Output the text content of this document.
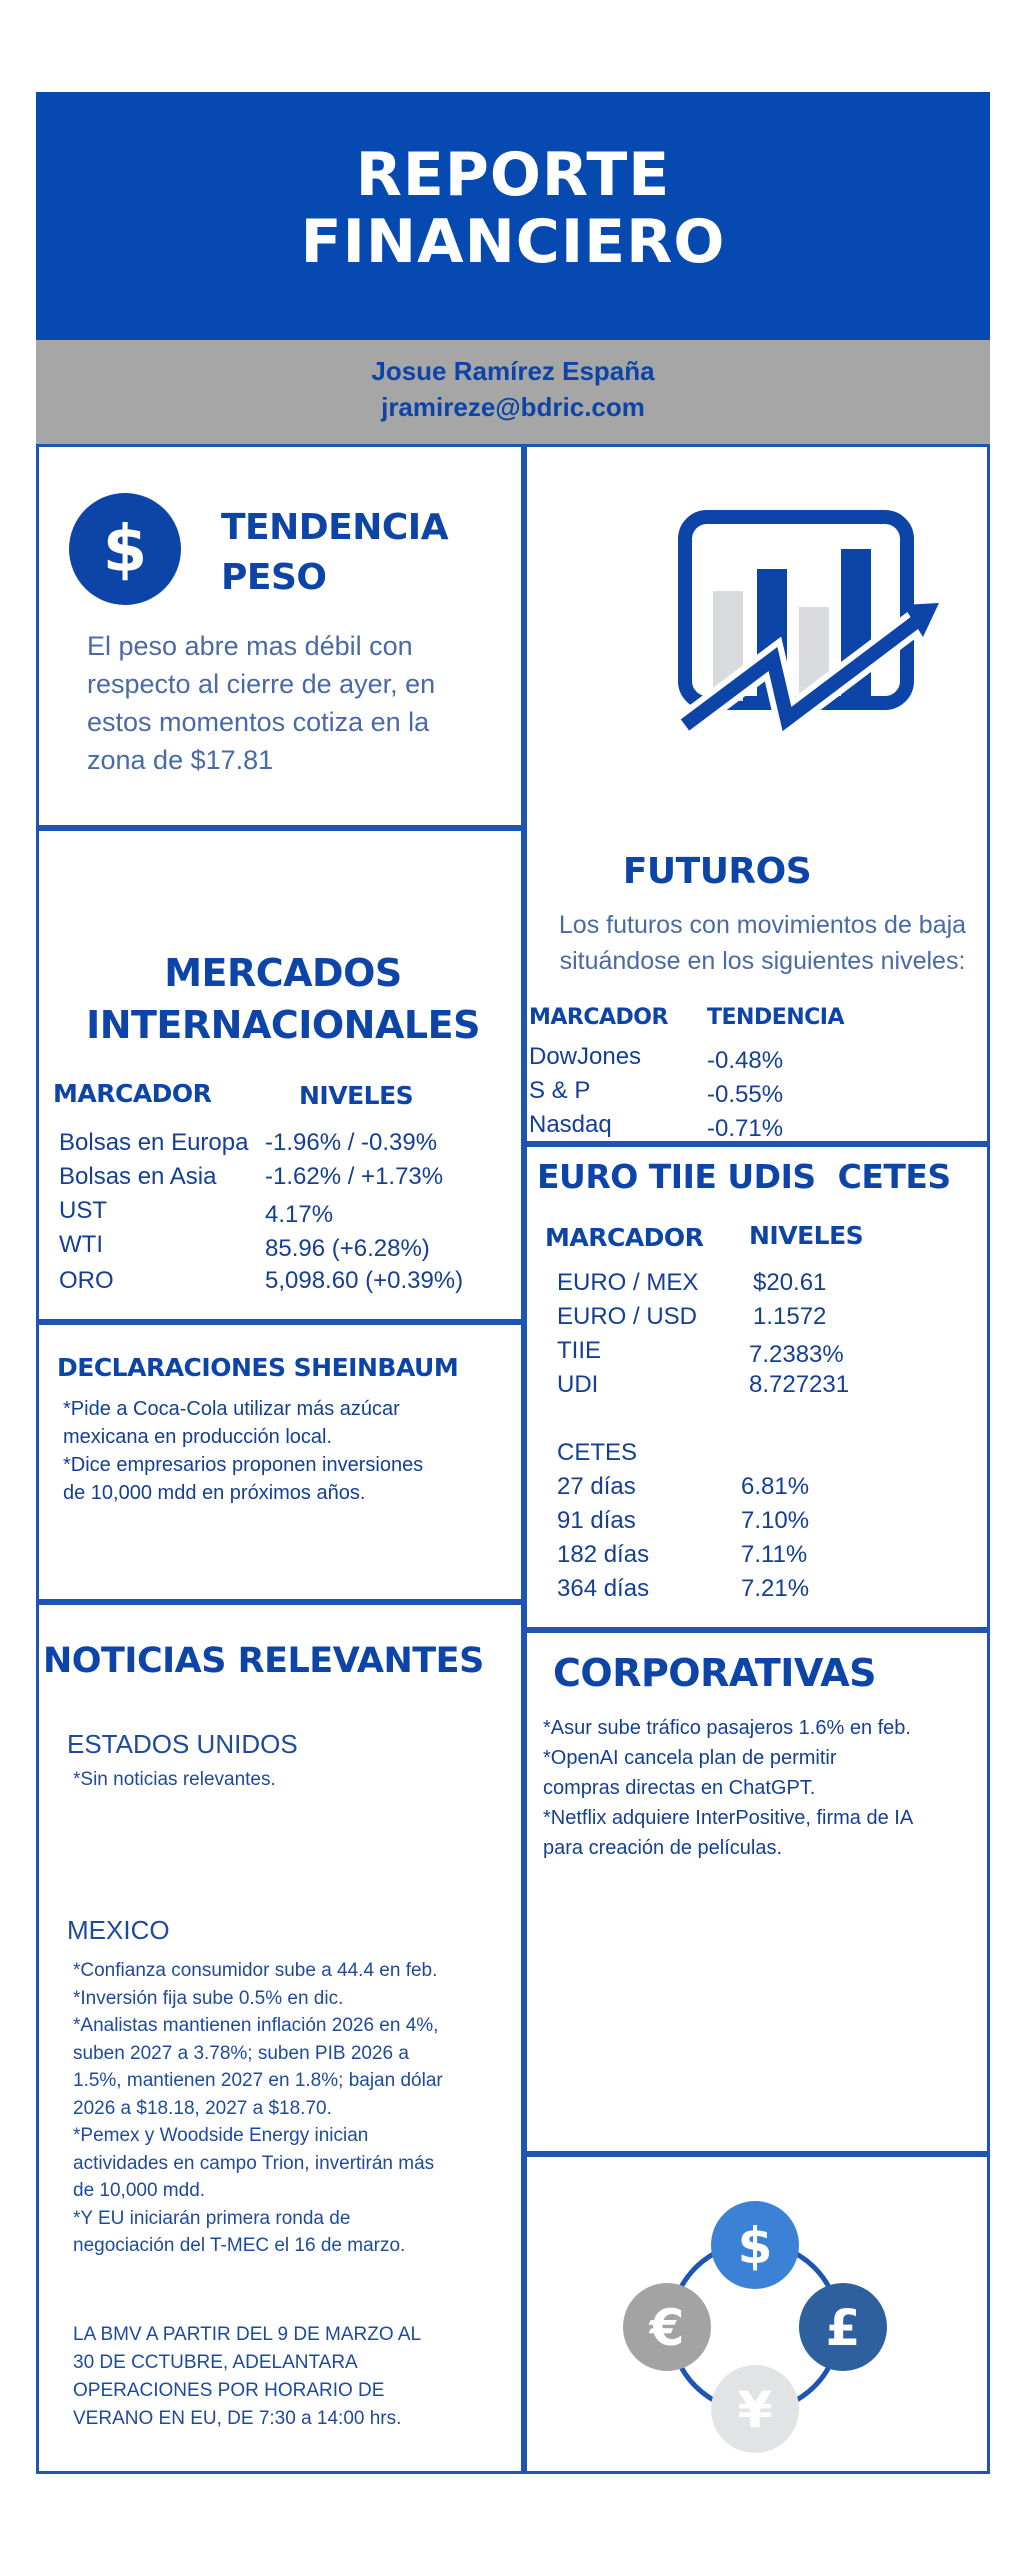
REPORTE
FINANCIERO
Josue Ramírez España
jramireze@bdric.com
$ TENDENCIA
PESO
El peso abre mas débil con
respecto al cierre de ayer, en
estos momentos cotiza en la
zona de $17.81
FUTUROS
Los futuros con movimientos de baja
situándose en los siguientes niveles:
MARCADOR TENDENCIA
DowJones	-0.48%
S & P	-0.55%
Nasdaq	-0.71%
MERCADOS
INTERNACIONALES
MARCADOR	NIVELES
Bolsas en Europa -1.96% / -0.39%
Bolsas en Asia -1.62% / +1.73%
UST	4.17%
WTI	85.96 (+6.28%)
ORO	5,098.60 (+0.39%)
EURO TIIE UDIS  CETES
MARCADOR NIVELES
EURO / MEX $20.61
EURO / USD 1.1572
TIIE	7.2383%
UDI	8.727231
CETES
27 días	6.81%
91 días	7.10%
182 días	7.11%
364 días	7.21%
DECLARACIONES SHEINBAUM
*Pide a Coca-Cola utilizar más azúcar
mexicana en producción local.
*Dice empresarios proponen inversiones
de 10,000 mdd en próximos años.
NOTICIAS RELEVANTES
ESTADOS UNIDOS
*Sin noticias relevantes.
MEXICO
*Confianza consumidor sube a 44.4 en feb.
*Inversión fija sube 0.5% en dic.
*Analistas mantienen inflación 2026 en 4%,
suben 2027 a 3.78%; suben PIB 2026 a
1.5%, mantienen 2027 en 1.8%; bajan dólar
2026 a $18.18, 2027 a $18.70.
*Pemex y Woodside Energy inician
actividades en campo Trion, invertirán más
de 10,000 mdd.
*Y EU iniciarán primera ronda de
negociación del T-MEC el 16 de marzo.
LA BMV A PARTIR DEL 9 DE MARZO AL
30 DE CCTUBRE, ADELANTARA
OPERACIONES POR HORARIO DE
VERANO EN EU, DE 7:30 a 14:00 hrs.
CORPORATIVAS
*Asur sube tráfico pasajeros 1.6% en feb.
*OpenAI cancela plan de permitir
compras directas en ChatGPT.
*Netflix adquiere InterPositive, firma de IA
para creación de películas.
$
€	£
¥
